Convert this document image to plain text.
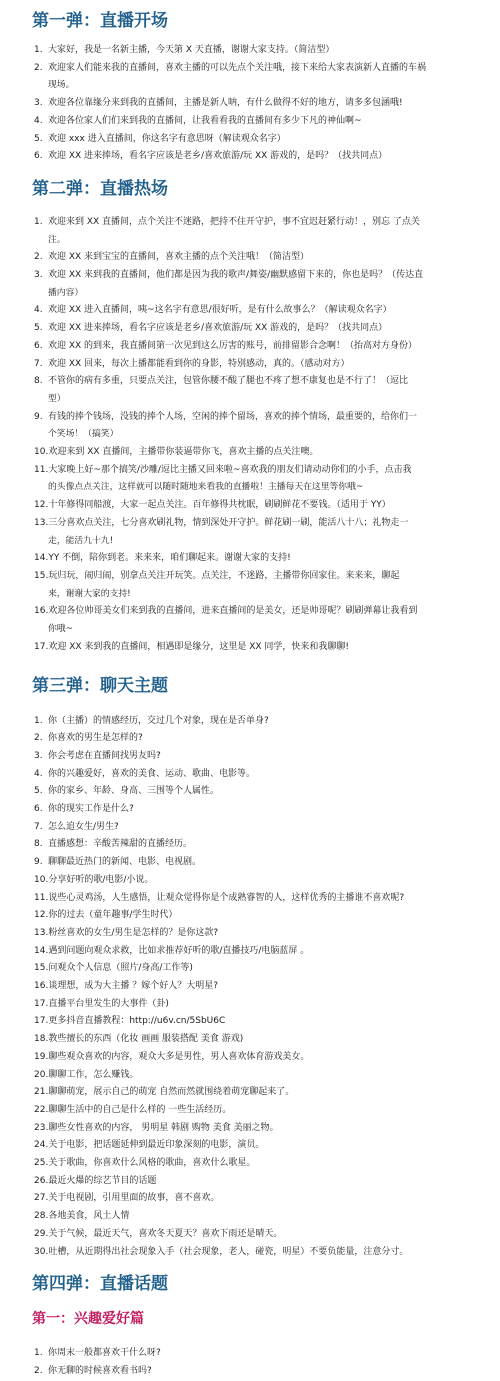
第一弹：直播开场
1. 大家好，我是一名新主播，今天第 X 天直播，谢谢大家支持。（简洁型）
2. 欢迎家人们能来我的直播间，喜欢主播的可以先点个关注哦，接下来给大家表演新人直播的车祸
现场。
3. 欢迎各位靠缘分来到我的直播间，主播是新人呐，有什么做得不好的地方，请多多包涵哦!
4. 欢迎各位家人们们来到我的直播间，让我看看我的直播间有多少下凡的神仙啊~
5. 欢迎 xxx 进入直播间，你这名字有意思呀（解读观众名字）
6. 欢迎 XX 进来捧场，看名字应该是老乡/喜欢旅游/玩 XX 游戏的，是吗？（找共同点）
第二弹：直播热场
1. 欢迎来到 XX 直播间，点个关注不迷路，把持不住开守护，事不宜迟赶紧行动！，别忘 了点关
注。
2. 欢迎 XX 来到宝宝的直播间，喜欢主播的点个关注哦！（简洁型）
3. 欢迎 XX 来到我的直播间，他们都是因为我的歌声/舞姿/幽默感留下来的，你也是吗？（传达直
播内容）
4. 欢迎 XX 进入直播间，咦~这名字有意思/很好听，是有什么故事么？（解读观众名字）
5. 欢迎 XX 进来捧场，看名字应该是老乡/喜欢旅游/玩 XX 游戏的，是吗？（找共同点）
6. 欢迎 XX 的到来，我直播间第一次见到这么厉害的账号，前排留影合念啊！（抬高对方身份）
7. 欢迎 XX 回来，每次上播都能看到你的身影，特别感动，真的。（感动对方）
8. 不管你的病有多重，只要点关注，包管你腰不酸了腿也不疼了想不康复也是不行了！（逗比
型）
9. 有钱的捧个钱场，没钱的捧个人场，空闲的捧个留场，喜欢的捧个情场，最重要的，给你们一
个笑场！（搞笑）
10.欢迎来到 XX 直播间，主播带你装逼带你飞，喜欢主播的点关注噢。
11.大家晚上好~那个搞笑/沙雕/逗比主播又回来啦~喜欢我的朋友们请动动你们的小手，点击我
的头像点点关注，这样就可以随时随地来看我的直播啦！主播每天在这里等你哦~
12.十年修得同船渡，大家一起点关注。百年修得共枕眠，刷刷鲜花不要钱。（适用于 YY）
13.三分喜欢点关注，七分喜欢刷礼物，情到深处开守护。鲜花刷一刷，能活八十八；礼物走一
走，能活九十九!
14.YY 不倒，陪你到老。来来来，咱们聊起来。谢谢大家的支持!
15.玩归玩，闹归闹，别拿点关注开玩笑。点关注，不迷路，主播带你回家住。来来来，聊起
来，谢谢大家的支持!
16.欢迎各位帅哥美女们来到我的直播间，进来直播间的是美女，还是帅哥呢？刷刷弹幕让我看到
你哦~
17.欢迎 XX 来到我的直播间，相遇即是缘分，这里是 XX 同学，快来和我聊聊!
第三弹：聊天主题
1. 你（主播）的情感经历，交过几个对象，现在是否单身?
2. 你喜欢的男生是怎样的?
3. 你会考虑在直播间找男友吗?
4. 你的兴趣爱好，喜欢的美食、运动、歌曲、电影等。
5. 你的家乡、年龄、身高、三围等个人属性。
6. 你的现实工作是什么?
7. 怎么追女生/男生?
8. 直播感想：辛酸苦辣甜的直播经历。
9. 聊聊最近热门的新闻、电影、电视剧。
10.分享好听的歌/电影/小说。
11.说些心灵鸡汤，人生感悟，让观众觉得你是个成熟睿智的人，这样优秀的主播谁不喜欢呢?
12.你的过去（童年趣事/学生时代）
13.粉丝喜欢的女生/男生是怎样的？是你这款?
14.遇到问题向观众求救，比如求推荐好听的歌/直播技巧/电脑蓝屏 。
15.问观众个人信息（照片/身高/工作等)
16.谈理想，成为大主播 ？嫁个好人？大明星?
17.直播平台里发生的大事件（卦)
17.更多抖音直播教程：http://u6v.cn/5SbU6C
18.教些擅长的东西（化妆 画画 服装搭配 美食 游戏)
19.聊些观众喜欢的内容，观众大多是男性，男人喜欢体育游戏美女。
20.聊聊工作，怎么赚钱。
21.聊聊萌宠，展示自己的萌宠 自然而然就围绕着萌宠聊起来了。
22.聊聊生活中的自己是什么样的 一些生活经历。
23.聊些女性喜欢的内容， 男明星 韩剧 购物 美食 美丽之物。
24.关于电影，把话题延伸到最近印象深刻的电影，演员。
25.关于歌曲，你喜欢什么风格的歌曲，喜欢什么歌星。
26.最近火爆的综艺节目的话题
27.关于电视剧，引用里面的故事，喜不喜欢。
28.各地美食，风土人情
29.关于气候，最近天气，喜欢冬天夏天？喜欢下雨还是晴天。
30.吐槽，从近期得出社会现象入手（社会现象，老人，碰瓷，明星）不要负能量，注意分寸。
第四弹：直播话题
第一：兴趣爱好篇
1. 你周末一般都喜欢干什么呀?
2. 你无聊的时候喜欢看书吗?
